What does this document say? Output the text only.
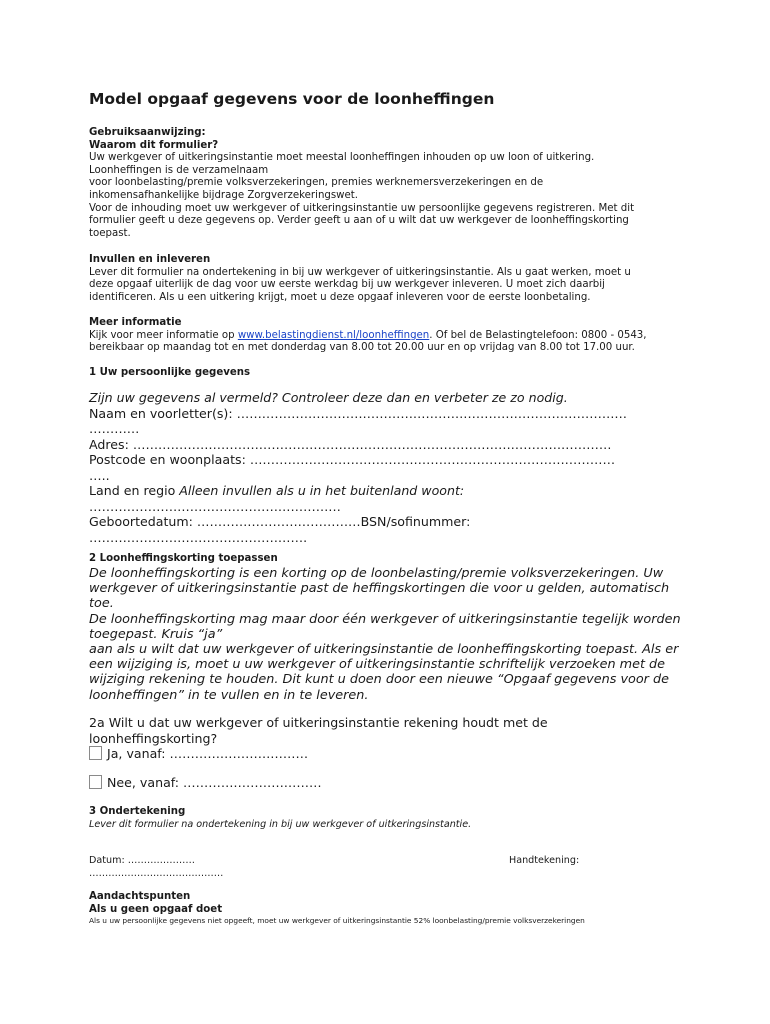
Model opgaaf gegevens voor de loonheffingen
Gebruiksaanwijzing:
Waarom dit formulier?
Uw werkgever of uitkeringsinstantie moet meestal loonheffingen inhouden op uw loon of uitkering.
Loonheffingen is de verzamelnaam
voor loonbelasting/premie volksverzekeringen, premies werknemersverzekeringen en de
inkomensafhankelijke bijdrage Zorgverzekeringswet.
Voor de inhouding moet uw werkgever of uitkeringsinstantie uw persoonlijke gegevens registreren. Met dit
formulier geeft u deze gegevens op. Verder geeft u aan of u wilt dat uw werkgever de loonheffingskorting
toepast.
Invullen en inleveren
Lever dit formulier na ondertekening in bij uw werkgever of uitkeringsinstantie. Als u gaat werken, moet u
deze opgaaf uiterlijk de dag voor uw eerste werkdag bij uw werkgever inleveren. U moet zich daarbij
identificeren. Als u een uitkering krijgt, moet u deze opgaaf inleveren voor de eerste loonbetaling.
Meer informatie
Kijk voor meer informatie op www.belastingdienst.nl/loonheffingen. Of bel de Belastingtelefoon: 0800 - 0543,
bereikbaar op maandag tot en met donderdag van 8.00 tot 20.00 uur en op vrijdag van 8.00 tot 17.00 uur.
1 Uw persoonlijke gegevens
Zijn uw gegevens al vermeld? Controleer deze dan en verbeter ze zo nodig.
Naam en voorletter(s): …………………………………………………………………………………
…………
Adres: ……………………………………………………………………………………………………
Postcode en woonplaats: ……………………………………………………………………………
…..
Land en regio Alleen invullen als u in het buitenland woont:
……………………………………………………
Geboortedatum: …………………………………BSN/sofinummer:
…………………………………………….
2 Loonheffingskorting toepassen
De loonheffingskorting is een korting op de loonbelasting/premie volksverzekeringen. Uw
werkgever of uitkeringsinstantie past de heffingskortingen die voor u gelden, automatisch
toe.
De loonheffingskorting mag maar door één werkgever of uitkeringsinstantie tegelijk worden
toegepast. Kruis “ja”
aan als u wilt dat uw werkgever of uitkeringsinstantie de loonheffingskorting toepast. Als er
een wijziging is, moet u uw werkgever of uitkeringsinstantie schriftelijk verzoeken met de
wijziging rekening te houden. Dit kunt u doen door een nieuwe “Opgaaf gegevens voor de
loonheffingen” in te vullen en in te leveren.
2a Wilt u dat uw werkgever of uitkeringsinstantie rekening houdt met de
loonheffingskorting?
Ja, vanaf: ……………………………
Nee, vanaf: ……………………………
3 Ondertekening
Lever dit formulier na ondertekening in bij uw werkgever of uitkeringsinstantie.
Datum: …………………
……………………………………
Handtekening:
Aandachtspunten
Als u geen opgaaf doet
Als u uw persoonlijke gegevens niet opgeeft, moet uw werkgever of uitkeringsinstantie 52% loonbelasting/premie volksverzekeringen
